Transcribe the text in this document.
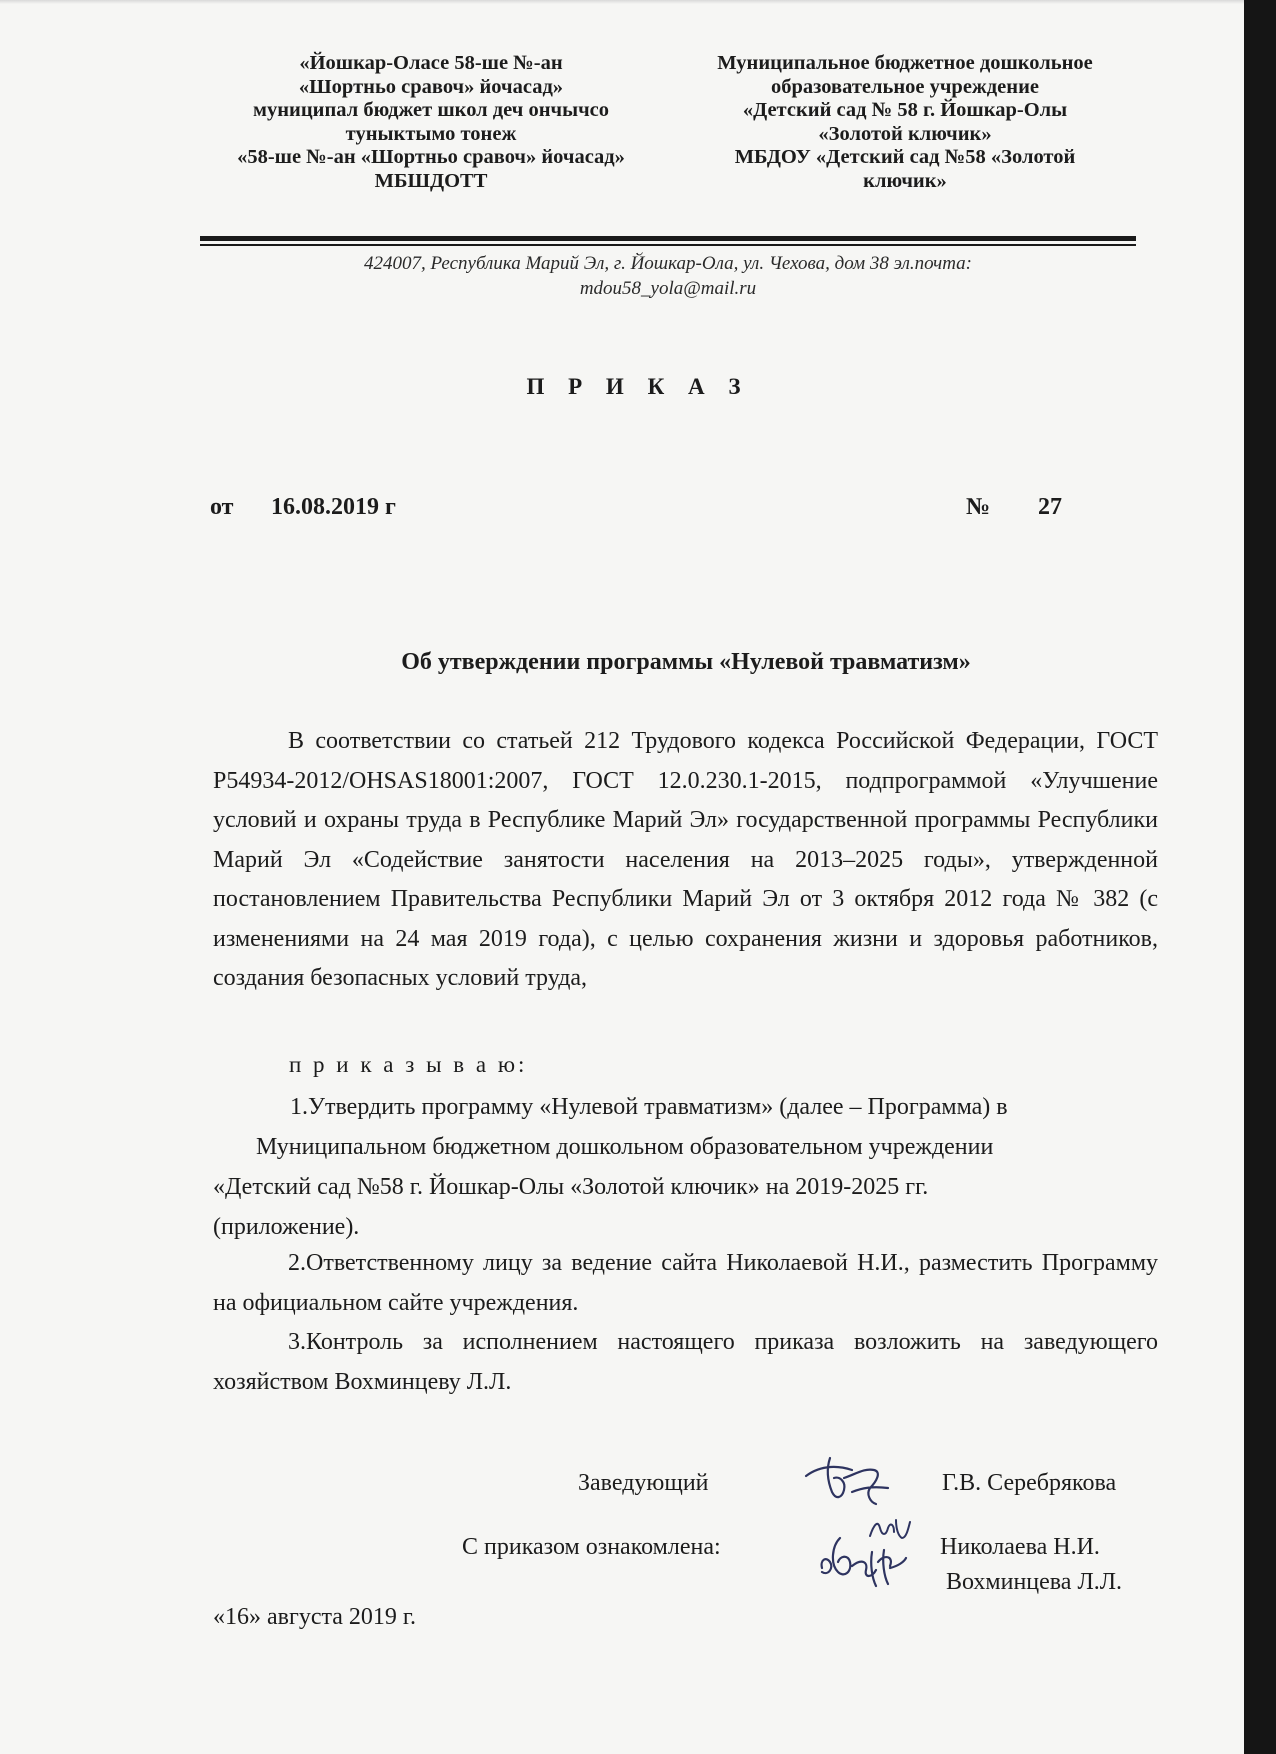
«Йошкар-Оласе 58-ше №-ан
«Шортньо сравоч» йочасад»
муниципал бюджет школ деч ончычсо
туныктымо тонеж
«58-ше №-ан «Шортньо сравоч» йочасад»
МБШДОТТ
Муниципальное бюджетное дошкольное
образовательное учреждение
«Детский сад № 58 г. Йошкар-Олы
«Золотой ключик»
МБДОУ «Детский сад №58 «Золотой
ключик»
424007, Республика Марий Эл, г. Йошкар-Ола, ул. Чехова, дом 38 эл.почта:
mdou58_yola@mail.ru
П Р И К А З
от 16.08.2019 г	№ 27
Об утверждении программы «Нулевой травматизм»

В соответствии со статьей 212 Трудового кодекса Российской Федерации, ГОСТ Р54934-2012/OHSAS18001:2007, ГОСТ 12.0.230.1-2015, подпрограммой «Улучшение условий и охраны труда в Республике Марий Эл» государственной программы Республики Марий Эл «Содействие занятости населения на 2013–2025 годы», утвержденной постановлением Правительства Республики Марий Эл от 3 октября 2012 года № 382 (с изменениями на 24 мая 2019 года), с целью сохранения жизни и здоровья работников, создания безопасных условий труда,

п р и к а з ы в а ю:
1.Утвердить программу «Нулевой травматизм» (далее – Программа) в
Муниципальном бюджетном дошкольном образовательном учреждении
«Детский сад №58 г. Йошкар-Олы «Золотой ключик» на 2019-2025 гг.
(приложение).

2.Ответственному лицу за ведение сайта Николаевой Н.И., разместить Программу на официальном сайте учреждения.

3.Контроль за исполнением настоящего приказа возложить на заведующего хозяйством Вохминцеву Л.Л.

Заведующий	Г.В. Серебрякова
С приказом ознакомлена:	Николаева Н.И.
Вохминцева Л.Л.
«16» августа 2019 г.
